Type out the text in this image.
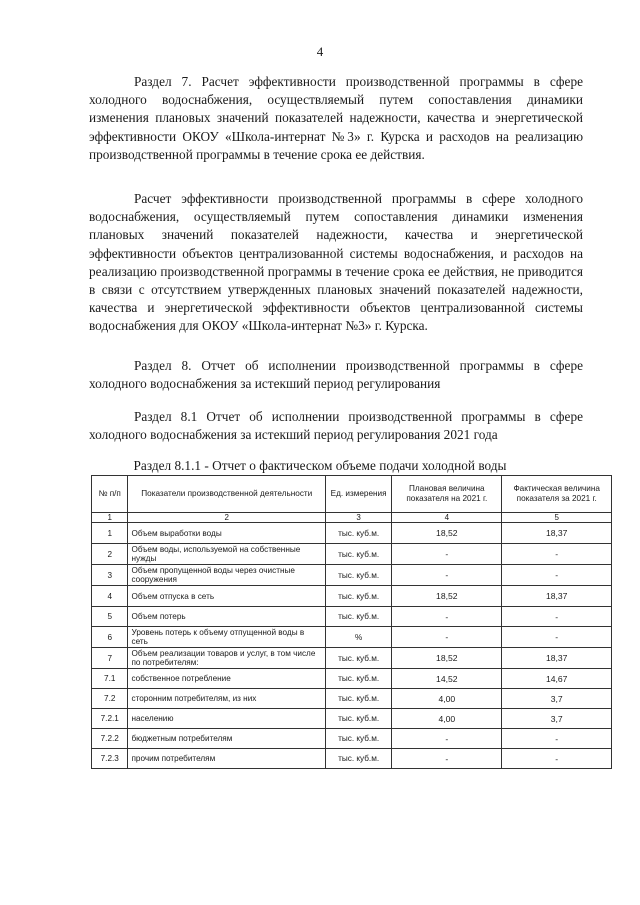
4

Раздел 7. Расчет эффективности производственной программы в сфере холодного водоснабжения, осуществляемый путем сопоставления динамики изменения плановых значений показателей надежности, качества и энергетической эффективности ОКОУ «Школа-интернат №3» г. Курска и расходов на реализацию производственной программы в течение срока ее действия.

Расчет эффективности производственной программы в сфере холодного водоснабжения, осуществляемый путем сопоставления динамики изменения плановых значений показателей надежности, качества и энергетической эффективности объектов централизованной системы водоснабжения, и расходов на реализацию производственной программы в течение срока ее действия, не приводится в связи с отсутствием утвержденных плановых значений показателей надежности, качества и энергетической эффективности объектов централизованной системы водоснабжения для ОКОУ «Школа-интернат №3» г. Курска.

Раздел 8. Отчет об исполнении производственной программы в сфере холодного водоснабжения за истекший период регулирования

Раздел 8.1 Отчет об исполнении производственной программы в сфере холодного водоснабжения за истекший период регулирования 2021 года

Раздел 8.1.1 - Отчет о фактическом объеме подачи холодной воды
№ п/п	Показатели производственной деятельности	Ед. измерения	Плановая величина показателя на 2021 г.	Фактическая величина показателя за 2021 г.
1	2	3	4	5
1	Объем выработки воды	тыс. куб.м.	18,52	18,37
2	Объем воды, используемой на собственные нужды	тыс. куб.м.	-	-
3	Объем пропущенной воды через очистные сооружения	тыс. куб.м.	-	-
4	Объем отпуска в сеть	тыс. куб.м.	18,52	18,37
5	Объем потерь	тыс. куб.м.	-	-
6	Уровень потерь к объему отпущенной воды в сеть	%	-	-
7	Объем реализации товаров и услуг, в том числе по потребителям:	тыс. куб.м.	18,52	18,37
7.1	собственное потребление	тыс. куб.м.	14,52	14,67
7.2	сторонним потребителям, из них	тыс. куб.м.	4,00	3,7
7.2.1	населению	тыс. куб.м.	4,00	3,7
7.2.2	бюджетным потребителям	тыс. куб.м.	-	-
7.2.3	прочим потребителям	тыс. куб.м.	-	-
